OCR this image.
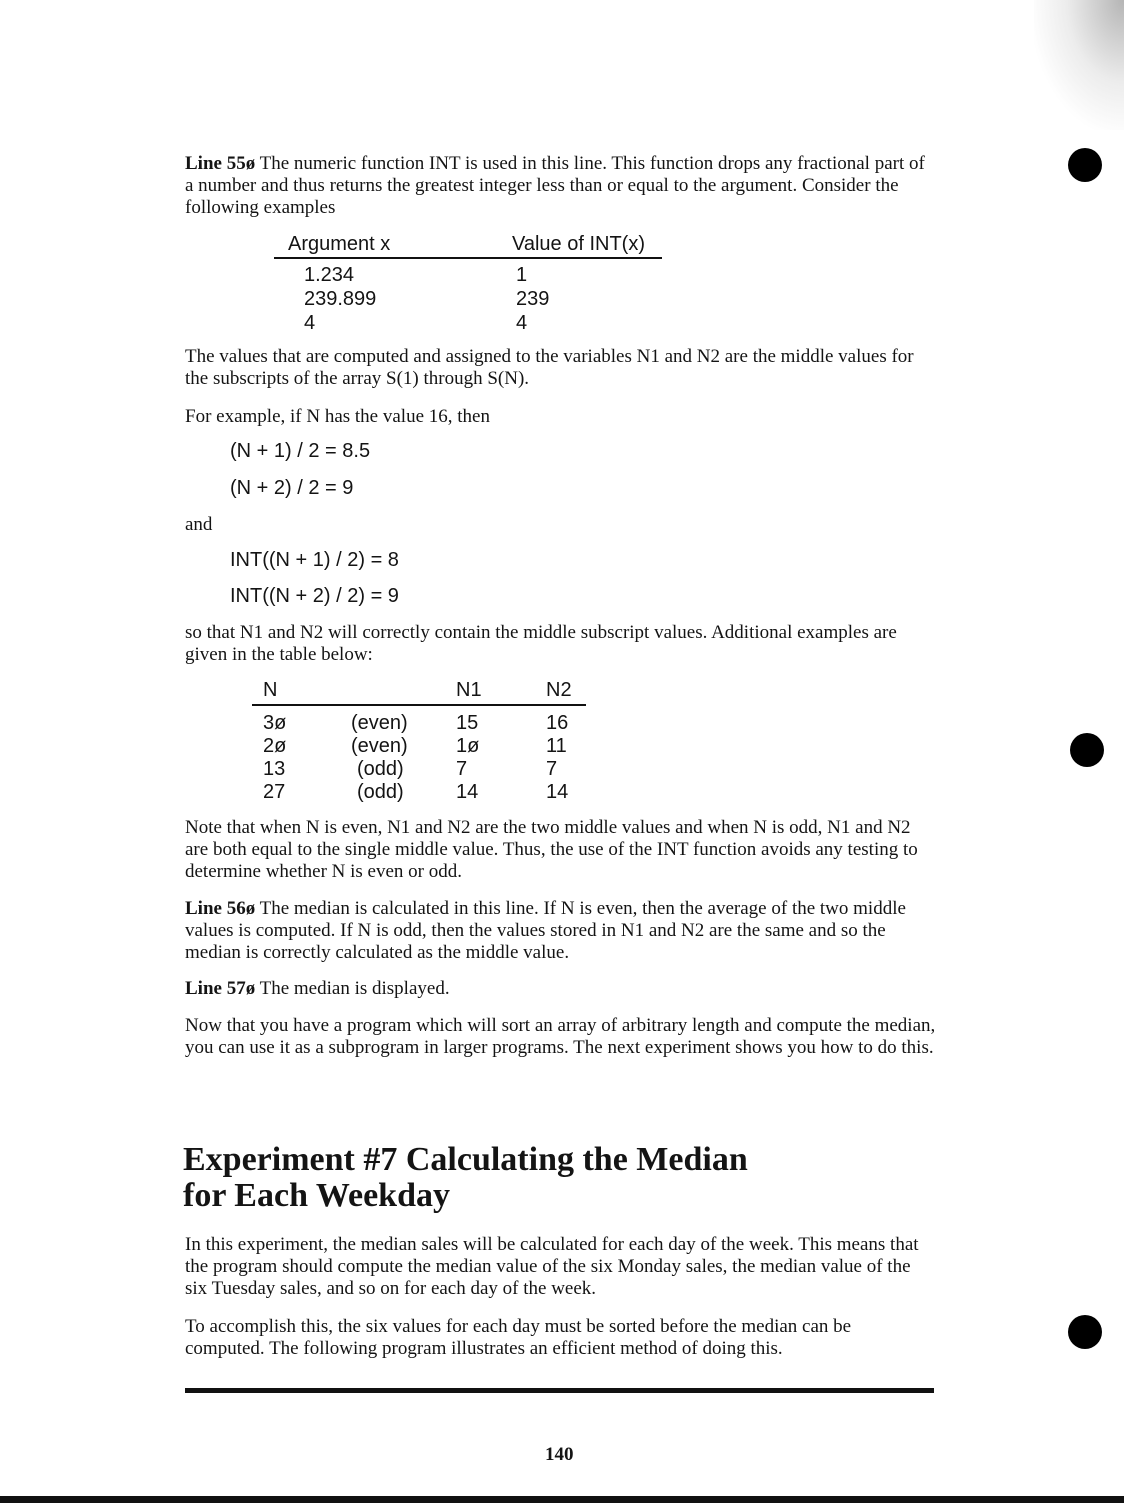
Line 55ø The numeric function INT is used in this line. This function drops any fractional part of a number and thus returns the greatest integer less than or equal to the argument. Consider the following examples

Argument x	Value of INT(x)
1.234	1
239.899	239
4	4

The values that are computed and assigned to the variables N1 and N2 are the middle values for the subscripts of the array S(1) through S(N).

For example, if N has the value 16, then

(N + 1) / 2 = 8.5
(N + 2) / 2 = 9

and

INT((N + 1) / 2) = 8
INT((N + 2) / 2) = 9

so that N1 and N2 will correctly contain the middle subscript values. Additional examples are given in the table below:

N		N1	N2
3ø	(even)	15	16
2ø	(even)	1ø	11
13	(odd)	7	7
27	(odd)	14	14

Note that when N is even, N1 and N2 are the two middle values and when N is odd, N1 and N2 are both equal to the single middle value. Thus, the use of the INT function avoids any testing to determine whether N is even or odd.

Line 56ø The median is calculated in this line. If N is even, then the average of the two middle values is computed. If N is odd, then the values stored in N1 and N2 are the same and so the median is correctly calculated as the middle value.

Line 57ø The median is displayed.

Now that you have a program which will sort an array of arbitrary length and compute the median, you can use it as a subprogram in larger programs. The next experiment shows you how to do this.

Experiment #7 Calculating the Median
for Each Weekday

In this experiment, the median sales will be calculated for each day of the week. This means that the program should compute the median value of the six Monday sales, the median value of the six Tuesday sales, and so on for each day of the week.

To accomplish this, the six values for each day must be sorted before the median can be computed. The following program illustrates an efficient method of doing this.

140
